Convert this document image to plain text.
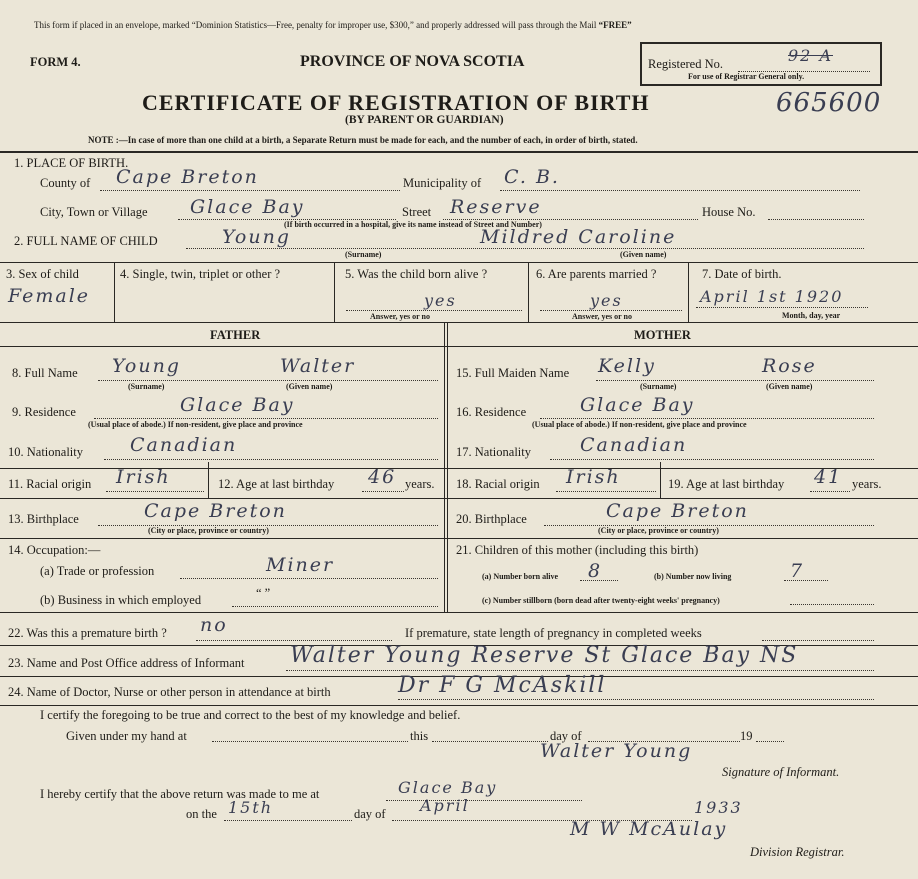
This form if placed in an envelope, marked “Dominion Statistics—Free, penalty for improper use, $300,” and properly addressed will pass through the Mail “FREE”
FORM 4.	PROVINCE OF NOVA SCOTIA	Registered No.	92 A
For use of Registrar General only.
CERTIFICATE OF REGISTRATION OF BIRTH	665600
(BY PARENT OR GUARDIAN)
NOTE :—In case of more than one child at a birth, a Separate Return must be made for each, and the number of each, in order of birth, stated.
1. PLACE OF BIRTH.
County of Cape Breton	Municipality of C. B.
City, Town or Village Glace Bay	Street Reserve	House No.
(If birth occurred in a hospital, give its name instead of Street and Number)
2. FULL NAME OF CHILD	Young	Mildred Caroline
(Surname)	(Given name)
3. Sex of child
Female
4. Single, twin, triplet or other ?	5. Was the child born alive ?
yes
Answer, yes or no
6. Are parents married ?
yes
Answer, yes or no
7. Date of birth.
April 1st 1920
Month, day, year
FATHER	MOTHER
8. Full Name Young	Walter
(Surname)	(Given name)
9. Residence	Glace Bay
(Usual place of abode.) If non-resident, give place and province
10. Nationality Canadian
11. Racial origin Irish	12. Age at last birthday 46 years.
13. Birthplace	Cape Breton
(City or place, province or country)
14. Occupation:—
(a) Trade or profession	Miner
(b) Business in which employed	“ ”
15. Full Maiden Name Kelly	Rose
(Surname)	(Given name)
16. Residence	Glace Bay
(Usual place of abode.) If non-resident, give place and province
17. Nationality	Canadian
18. Racial origin Irish	19. Age at last birthday 41 years.
20. Birthplace	Cape Breton
(City or place, province or country)
21. Children of this mother (including this birth)
(a) Number born alive 8	(b) Number now living	7
(c) Number stillborn (born dead after twenty-eight weeks' pregnancy)
22. Was this a premature birth ? no	If premature, state length of pregnancy in completed weeks
23. Name and Post Office address of Informant Walter Young Reserve St Glace Bay NS
24. Name of Doctor, Nurse or other person in attendance at birth	Dr F G McAskill
I certify the foregoing to be true and correct to the best of my knowledge and belief.
Given under my hand at	this	day of	19
Walter Young
Signature of Informant.
I hereby certify that the above return was made to me at	Glace Bay
on the 15th	day of April	1933
M W McAulay
Division Registrar.
